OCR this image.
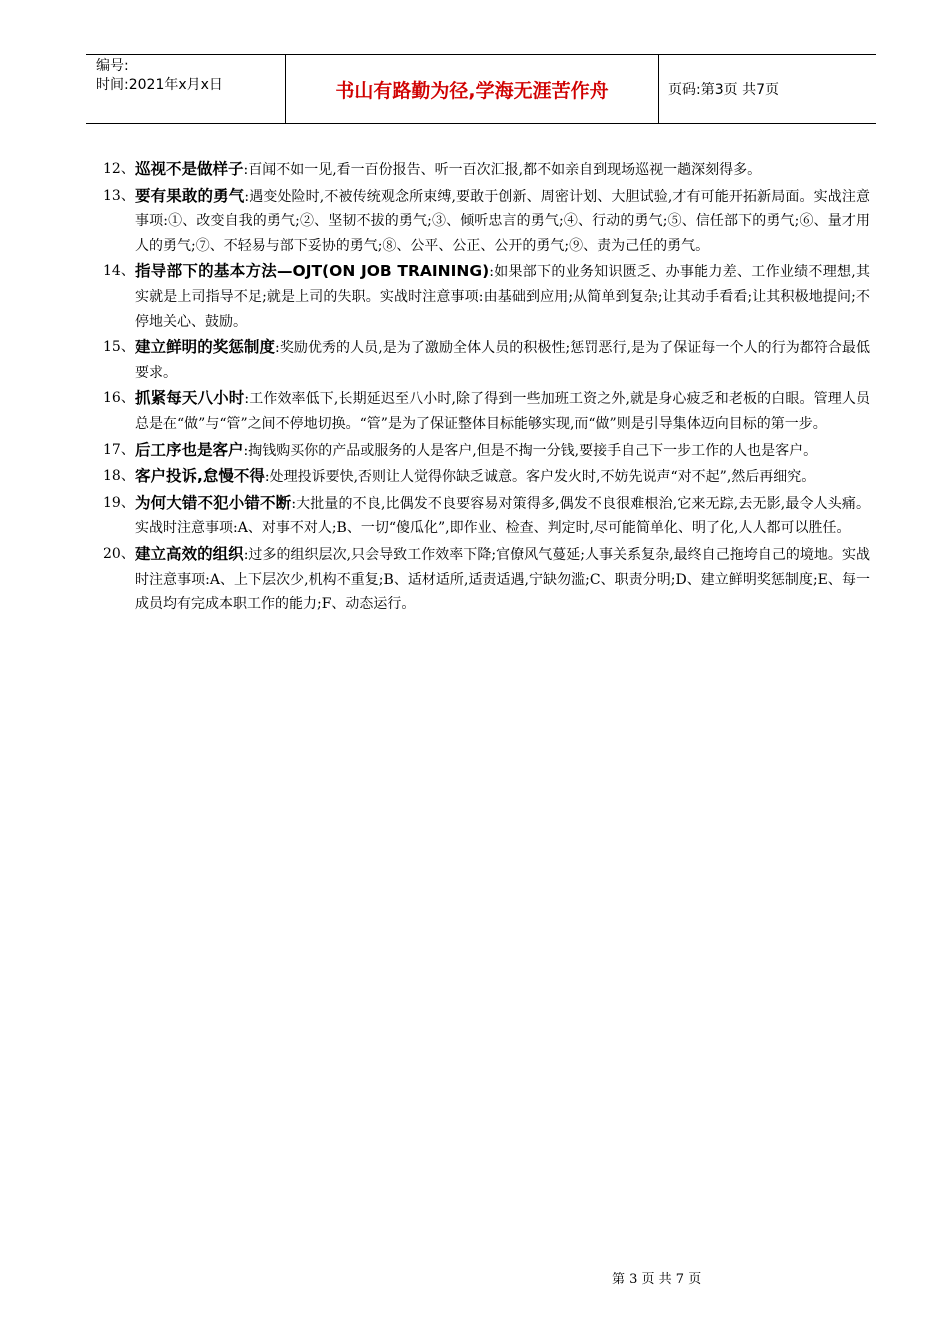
编号:
时间:2021年x月x日	书山有路勤为径,学海无涯苦作舟	页码:第3页 共7页
12、 巡视不是做样子:百闻不如一见,看一百份报告、听一百次汇报,都不如亲自到现场巡视一趟深刻得多。
13、 要有果敢的勇气:遇变处险时,不被传统观念所束缚,要敢于创新、周密计划、大胆试验,才有可能开拓新局面。实战注意事项:①、改变自我的勇气;②、坚韧不拔的勇气;③、倾听忠言的勇气;④、行动的勇气;⑤、信任部下的勇气;⑥、量才用人的勇气;⑦、不轻易与部下妥协的勇气;⑧、公平、公正、公开的勇气;⑨、责为己任的勇气。
14、 指导部下的基本方法—OJT(ON JOB TRAINING):如果部下的业务知识匮乏、办事能力差、工作业绩不理想,其实就是上司指导不足;就是上司的失职。实战时注意事项:由基础到应用;从简单到复杂;让其动手看看;让其积极地提问;不停地关心、鼓励。
15、 建立鲜明的奖惩制度:奖励优秀的人员,是为了激励全体人员的积极性;惩罚恶行,是为了保证每一个人的行为都符合最低要求。
16、 抓紧每天八小时:工作效率低下,长期延迟至八小时,除了得到一些加班工资之外,就是身心疲乏和老板的白眼。管理人员总是在“做”与“管”之间不停地切换。“管”是为了保证整体目标能够实现,而“做”则是引导集体迈向目标的第一步。
17、 后工序也是客户:掏钱购买你的产品或服务的人是客户,但是不掏一分钱,要接手自己下一步工作的人也是客户。
18、 客户投诉,怠慢不得:处理投诉要快,否则让人觉得你缺乏诚意。客户发火时,不妨先说声“对不起”,然后再细究。
19、 为何大错不犯小错不断:大批量的不良,比偶发不良要容易对策得多,偶发不良很难根治,它来无踪,去无影,最令人头痛。实战时注意事项:A、对事不对人;B、一切“傻瓜化”,即作业、检查、判定时,尽可能简单化、明了化,人人都可以胜任。
20、 建立高效的组织:过多的组织层次,只会导致工作效率下降;官僚风气蔓延;人事关系复杂,最终自己拖垮自己的境地。实战时注意事项:A、上下层次少,机构不重复;B、适材适所,适责适遇,宁缺勿滥;C、职责分明;D、建立鲜明奖惩制度;E、每一成员均有完成本职工作的能力;F、动态运行。
第 3 页 共 7 页
